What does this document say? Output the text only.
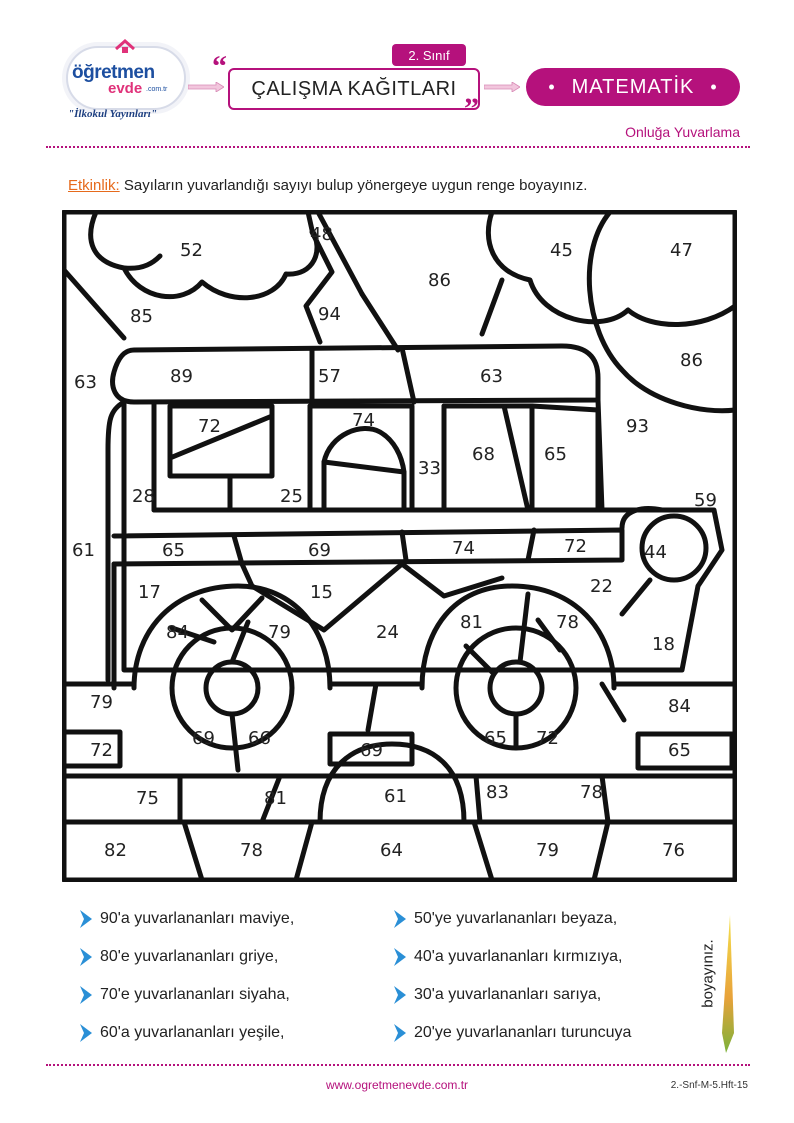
öğretmen
evde .com.tr
"İlkokul Yayınları"
“	2. Sınıf
ÇALIŞMA KAĞITLARI
”
• MATEMATİK •
Onluğa Yuvarlama
Etkinlik: Sayıların yuvarlandığı sayıyı bulup yönergeye uygun renge boyayınız.
52
48
86
45	47
85	94
86
63	89	57	63
72	74
33
68	65
93
28	25	59
61	65	69	74	72	44
17	15	22
84	79	24	81	78
18
79	84
69 66
69
65 72
65
72
75	81	61	83	78
82	78	64	79	76
90'a yuvarlananları maviye,
80'e yuvarlananları griye,
70'e yuvarlananları siyaha,
60'a yuvarlananları yeşile,
50'ye yuvarlananları beyaza,
40'a yuvarlananları kırmızıya,
30'a yuvarlananları sarıya,
20'ye yuvarlananları turuncuya
boyayınız.
www.ogretmenevde.com.tr	2.-Snf-M-5.Hft-15
